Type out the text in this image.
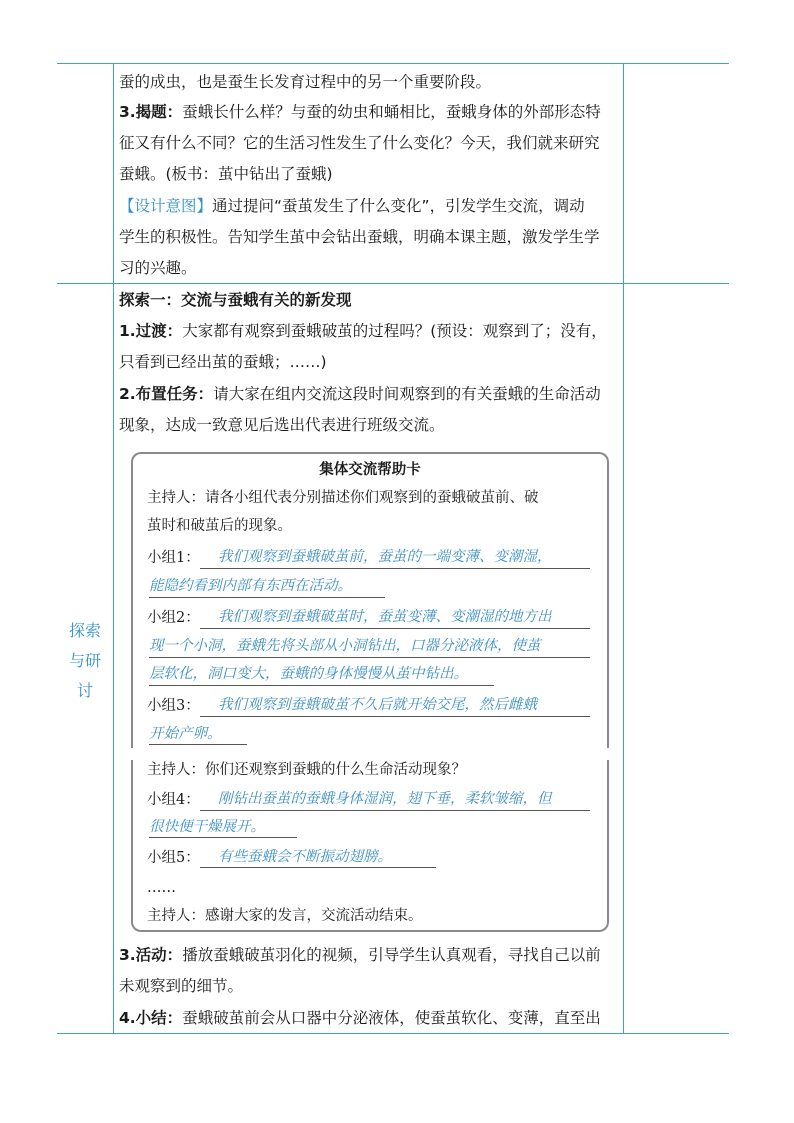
探索
与研
讨
蚕的成虫，也是蚕生长发育过程中的另一个重要阶段。
3.揭题：蚕蛾长什么样？与蚕的幼虫和蛹相比，蚕蛾身体的外部形态特
征又有什么不同？它的生活习性发生了什么变化？今天，我们就来研究
蚕蛾。(板书：茧中钻出了蚕蛾)
【设计意图】通过提问“蚕茧发生了什么变化”，引发学生交流，调动
学生的积极性。告知学生茧中会钻出蚕蛾，明确本课主题，激发学生学
习的兴趣。
探索一：交流与蚕蛾有关的新发现
1.过渡：大家都有观察到蚕蛾破茧的过程吗？(预设：观察到了；没有，
只看到已经出茧的蚕蛾；……)
2.布置任务：请大家在组内交流这段时间观察到的有关蚕蛾的生命活动
现象，达成一致意见后选出代表进行班级交流。
集体交流帮助卡
主持人：请各小组代表分别描述你们观察到的蚕蛾破茧前、破
茧时和破茧后的现象。
小组1： 我们观察到蚕蛾破茧前，蚕茧的一端变薄、变潮湿，
能隐约看到内部有东西在活动。
小组2： 我们观察到蚕蛾破茧时，蚕茧变薄、变潮湿的地方出
现一个小洞，蚕蛾先将头部从小洞钻出，口器分泌液体，使茧
层软化，洞口变大，蚕蛾的身体慢慢从茧中钻出。
小组3： 我们观察到蚕蛾破茧不久后就开始交尾，然后雌蛾
开始产卵。
主持人：你们还观察到蚕蛾的什么生命活动现象？
小组4： 刚钻出蚕茧的蚕蛾身体湿润，翅下垂，柔软皱缩，但
很快便干燥展开。
小组5： 有些蚕蛾会不断振动翅膀。
……
主持人：感谢大家的发言，交流活动结束。
3.活动：播放蚕蛾破茧羽化的视频，引导学生认真观看，寻找自己以前
未观察到的细节。
4.小结：蚕蛾破茧前会从口器中分泌液体，使蚕茧软化、变薄，直至出
